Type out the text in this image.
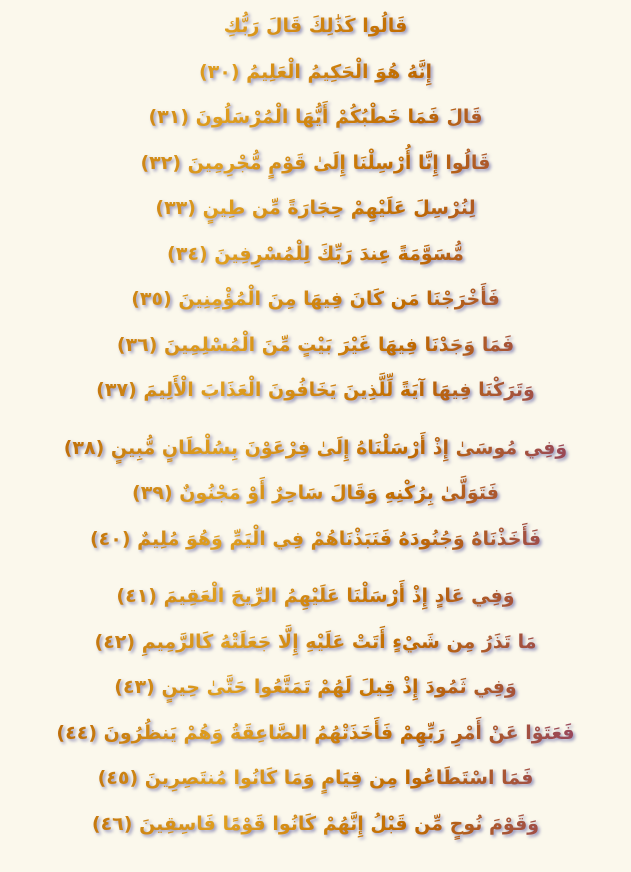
قَالُوا كَذَٰلِكَ قَالَ رَبُّكِ
إِنَّهُ هُوَ الْحَكِيمُ الْعَلِيمُ (٣٠)
قَالَ فَمَا خَطْبُكُمْ أَيُّهَا الْمُرْسَلُونَ (٣١)
قَالُوا إِنَّا أُرْسِلْنَا إِلَىٰ قَوْمٍ مُّجْرِمِينَ (٣٢)
لِنُرْسِلَ عَلَيْهِمْ حِجَارَةً مِّن طِينٍ (٣٣)
مُّسَوَّمَةً عِندَ رَبِّكَ لِلْمُسْرِفِينَ (٣٤)
فَأَخْرَجْنَا مَن كَانَ فِيهَا مِنَ الْمُؤْمِنِينَ (٣٥)
فَمَا وَجَدْنَا فِيهَا غَيْرَ بَيْتٍ مِّنَ الْمُسْلِمِينَ (٣٦)
وَتَرَكْنَا فِيهَا آيَةً لِّلَّذِينَ يَخَافُونَ الْعَذَابَ الْأَلِيمَ (٣٧)
وَفِي مُوسَىٰ إِذْ أَرْسَلْنَاهُ إِلَىٰ فِرْعَوْنَ بِسُلْطَانٍ مُّبِينٍ (٣٨)
فَتَوَلَّىٰ بِرُكْنِهِ وَقَالَ سَاحِرٌ أَوْ مَجْنُونٌ (٣٩)
فَأَخَذْنَاهُ وَجُنُودَهُ فَنَبَذْنَاهُمْ فِي الْيَمِّ وَهُوَ مُلِيمٌ (٤٠)
وَفِي عَادٍ إِذْ أَرْسَلْنَا عَلَيْهِمُ الرِّيحَ الْعَقِيمَ (٤١)
مَا تَذَرُ مِن شَيْءٍ أَتَتْ عَلَيْهِ إِلَّا جَعَلَتْهُ كَالرَّمِيمِ (٤٢)
وَفِي ثَمُودَ إِذْ قِيلَ لَهُمْ تَمَتَّعُوا حَتَّىٰ حِينٍ (٤٣)
فَعَتَوْا عَنْ أَمْرِ رَبِّهِمْ فَأَخَذَتْهُمُ الصَّاعِقَةُ وَهُمْ يَنظُرُونَ (٤٤)
فَمَا اسْتَطَاعُوا مِن قِيَامٍ وَمَا كَانُوا مُنتَصِرِينَ (٤٥)
وَقَوْمَ نُوحٍ مِّن قَبْلُ إِنَّهُمْ كَانُوا قَوْمًا فَاسِقِينَ (٤٦)
